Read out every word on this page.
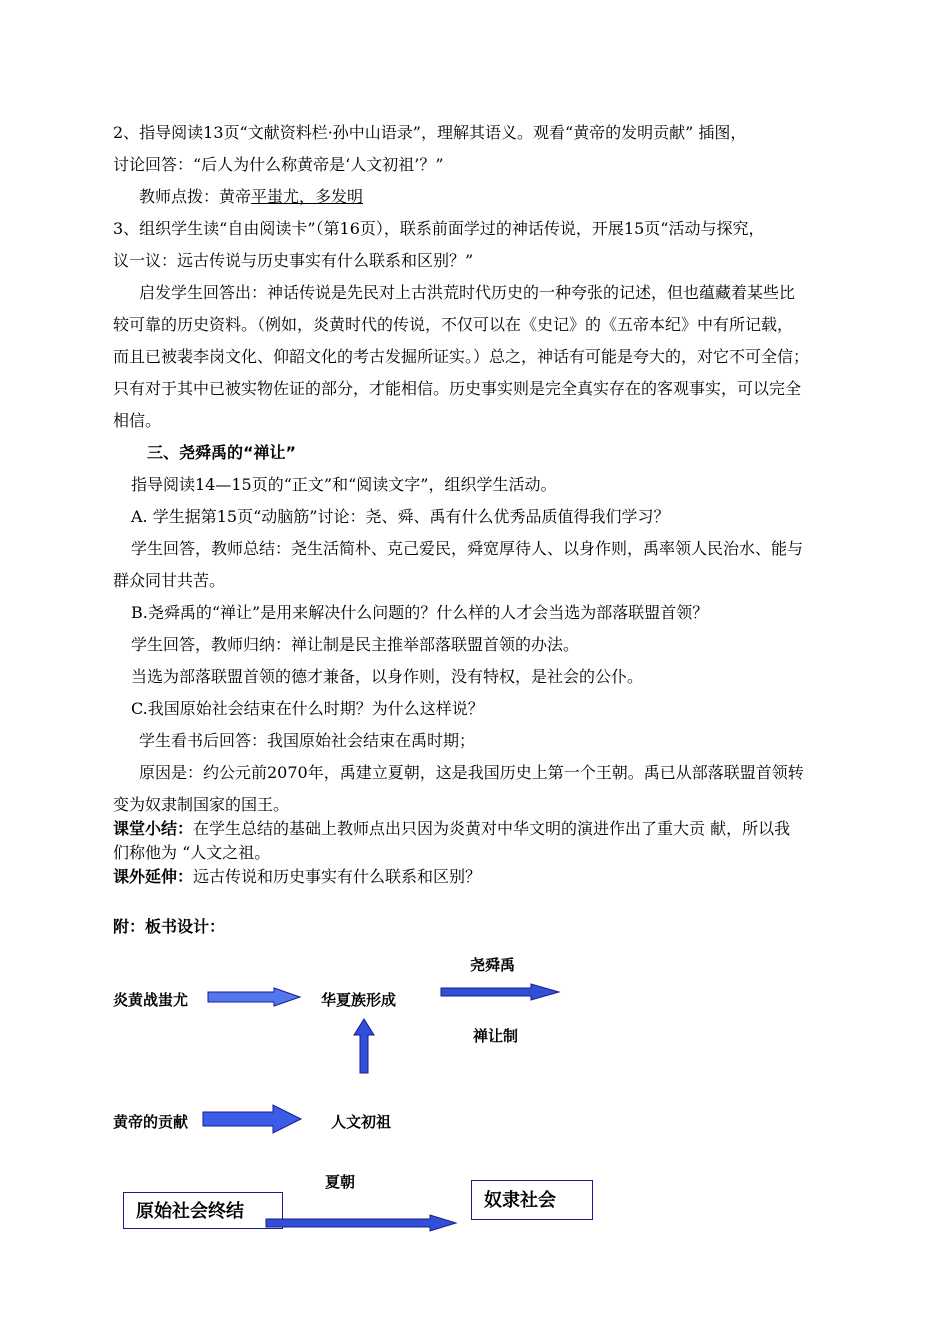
2、指导阅读13页“文献资料栏·孙中山语录”，理解其语义。观看“黄帝的发明贡献” 插图，
讨论回答：“后人为什么称黄帝是‘人文初祖’？”
教师点拨：黄帝平蚩尤，多发明
3、组织学生读“自由阅读卡”（第16页），联系前面学过的神话传说，开展15页“活动与探究，
议一议：远古传说与历史事实有什么联系和区别？”
启发学生回答出：神话传说是先民对上古洪荒时代历史的一种夸张的记述，但也蕴藏着某些比
较可靠的历史资料。（例如，炎黄时代的传说，不仅可以在《史记》的《五帝本纪》中有所记载，
而且已被裴李岗文化、仰韶文化的考古发掘所证实。）总之，神话有可能是夸大的，对它不可全信；
只有对于其中已被实物佐证的部分，才能相信。历史事实则是完全真实存在的客观事实，可以完全
相信。
三、尧舜禹的“禅让”
指导阅读14—15页的“正文”和“阅读文字”，组织学生活动。
A. 学生据第15页“动脑筋”讨论：尧、舜、禹有什么优秀品质值得我们学习？
学生回答，教师总结：尧生活简朴、克己爱民，舜宽厚待人、以身作则，禹率领人民治水、能与
群众同甘共苦。
B.尧舜禹的“禅让”是用来解决什么问题的？什么样的人才会当选为部落联盟首领？
学生回答，教师归纳：禅让制是民主推举部落联盟首领的办法。
当选为部落联盟首领的德才兼备，以身作则，没有特权，是社会的公仆。
C.我国原始社会结束在什么时期？为什么这样说？
学生看书后回答：我国原始社会结束在禹时期；
原因是：约公元前2070年，禹建立夏朝，这是我国历史上第一个王朝。禹已从部落联盟首领转
变为奴隶制国家的国王。
课堂小结：在学生总结的基础上教师点出只因为炎黄对中华文明的演进作出了重大贡 献，所以我
们称他为 “人文之祖。
课外延伸：远古传说和历史事实有什么联系和区别？
附：板书设计：
炎黄战蚩尤	华夏族形成
尧舜禹
禅让制
黄帝的贡献	人文初祖
夏朝
原始社会终结
奴隶社会
